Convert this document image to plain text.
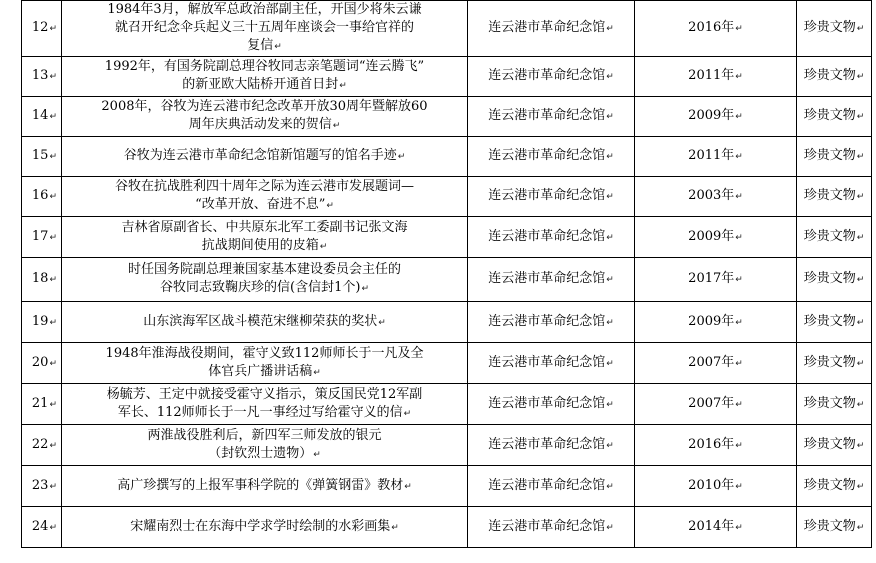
12↵	1984年3月，解放军总政治部副主任，开国少将朱云谦
就召开纪念伞兵起义三十五周年座谈会一事给官祥的
复信↵	连云港市革命纪念馆↵	2016年↵	珍贵文物↵
13↵	1992年，有国务院副总理谷牧同志亲笔题词“连云腾飞”
的新亚欧大陆桥开通首日封↵	连云港市革命纪念馆↵	2011年↵	珍贵文物↵
14↵	2008年，谷牧为连云港市纪念改革开放30周年暨解放60
周年庆典活动发来的贺信↵	连云港市革命纪念馆↵	2009年↵	珍贵文物↵
15↵	谷牧为连云港市革命纪念馆新馆题写的馆名手迹↵	连云港市革命纪念馆↵	2011年↵	珍贵文物↵
16↵	谷牧在抗战胜利四十周年之际为连云港市发展题词—
“改革开放、奋进不息”↵	连云港市革命纪念馆↵	2003年↵	珍贵文物↵
17↵	吉林省原副省长、中共原东北军工委副书记张文海
抗战期间使用的皮箱↵	连云港市革命纪念馆↵	2009年↵	珍贵文物↵
18↵	时任国务院副总理兼国家基本建设委员会主任的
谷牧同志致鞠庆珍的信(含信封1个)↵	连云港市革命纪念馆↵	2017年↵	珍贵文物↵
19↵	山东滨海军区战斗模范宋继柳荣获的奖状↵	连云港市革命纪念馆↵	2009年↵	珍贵文物↵
20↵	1948年淮海战役期间，霍守义致112师师长于一凡及全
体官兵广播讲话稿↵	连云港市革命纪念馆↵	2007年↵	珍贵文物↵
21↵	杨毓芳、王定中就接受霍守义指示，策反国民党12军副
军长、112师师长于一凡一事经过写给霍守义的信↵	连云港市革命纪念馆↵	2007年↵	珍贵文物↵
22↵	两淮战役胜利后，新四军三师发放的银元
（封钦烈士遗物）↵	连云港市革命纪念馆↵	2016年↵	珍贵文物↵
23↵	高广珍撰写的上报军事科学院的《弹簧钢雷》教材↵	连云港市革命纪念馆↵	2010年↵	珍贵文物↵
24↵	宋耀南烈士在东海中学求学时绘制的水彩画集↵	连云港市革命纪念馆↵	2014年↵	珍贵文物↵
